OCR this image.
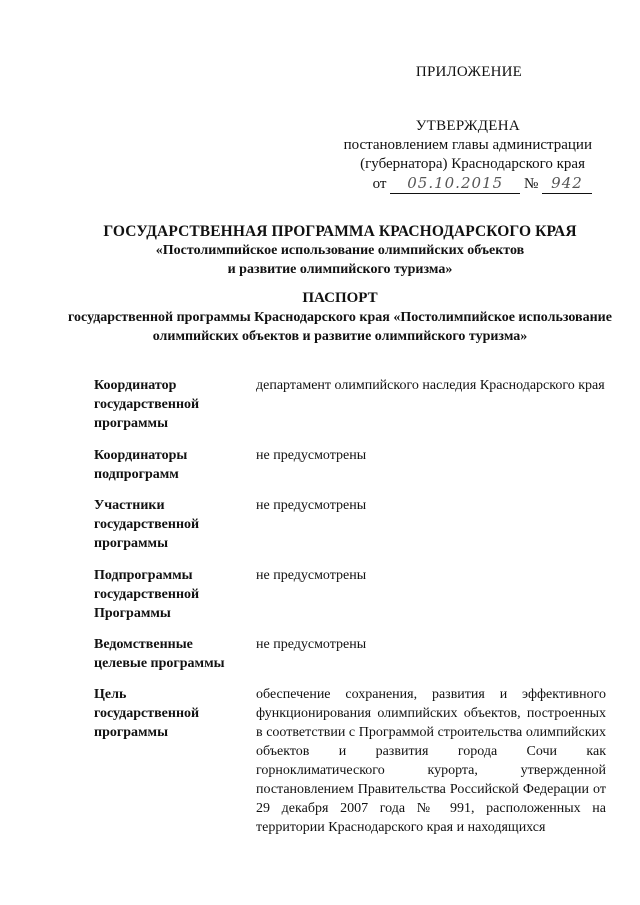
ПРИЛОЖЕНИЕ
УТВЕРЖДЕНА
постановлением главы администрации
(губернатора) Краснодарского края
от 05.10.2015 № 942
ГОСУДАРСТВЕННАЯ ПРОГРАММА КРАСНОДАРСКОГО КРАЯ
«Постолимпийское использование олимпийских объектов
и развитие олимпийского туризма»
ПАСПОРТ
государственной программы Краснодарского края «Постолимпийское использование олимпийских объектов и развитие олимпийского туризма»
Координатор
государственной
программы
департамент олимпийского наследия Краснодарского края
Координаторы
подпрограмм
не предусмотрены
Участники
государственной
программы
не предусмотрены
Подпрограммы
государственной
Программы
не предусмотрены
Ведомственные
целевые программы
не предусмотрены
Цель
государственной
программы
обеспечение сохранения, развития и эффективного функционирования олимпийских объектов, построенных в соответствии с Программой строительства олимпийских объектов и развития города Сочи как горноклиматического курорта, утвержденной постановлением Правительства Российской Федерации от 29 декабря 2007 года № 991, расположенных на территории Краснодарского края и находящихся
